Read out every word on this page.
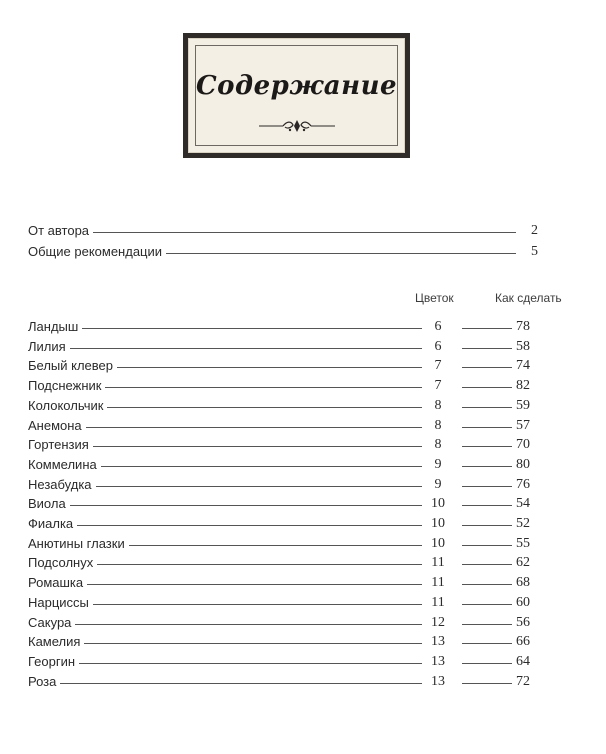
Содержание
От автора	2
Общие рекомендации	5
Цветок	Как сделать
Ландыш	6	78
Лилия	6	58
Белый клевер	7	74
Подснежник	7	82
Колокольчик	8	59
Анемона	8	57
Гортензия	8	70
Коммелина	9	80
Незабудка	9	76
Виола	10	54
Фиалка	10	52
Анютины глазки	10	55
Подсолнух	11	62
Ромашка	11	68
Нарциссы	11	60
Сакура	12	56
Камелия	13	66
Георгин	13	64
Роза	13	72
